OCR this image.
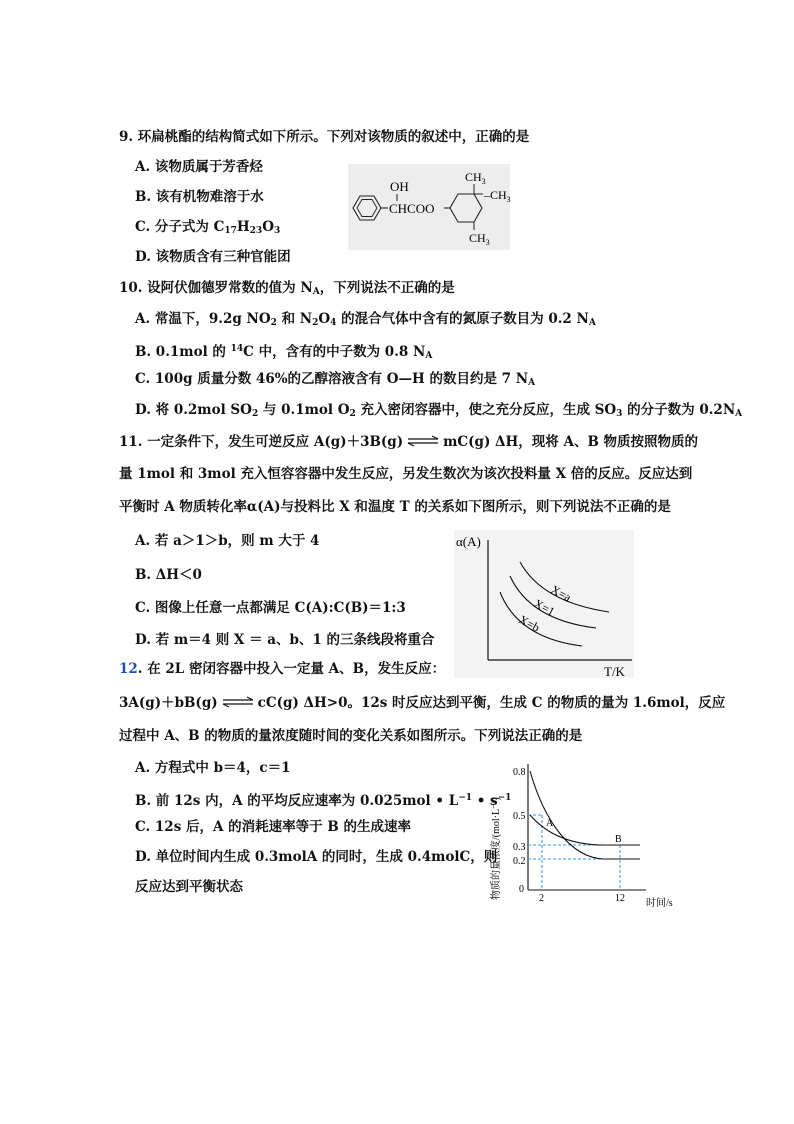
9. 环扁桃酯的结构简式如下所示。下列对该物质的叙述中，正确的是
A. 该物质属于芳香烃
B. 该有机物难溶于水
C. 分子式为 $C_{17}H_{23}O_3$
D. 该物质含有三种官能团
CHCOO
OH
$CH_3$
$-CH_3$
$CH_3$
10. 设阿伏伽德罗常数的值为 $N_A$，下列说法不正确的是
A. 常温下，9.2g $NO_2$ 和 $N_2O_4$ 的混合气体中含有的氮原子数目为 0.2 $N_A$
B. 0.1mol 的 $^{14}$C 中，含有的中子数为 0.8 $N_A$
C. 100g 质量分数 46%的乙醇溶液含有 O—H 的数目约是 7 $N_A$
D. 将 0.2mol $SO_2$ 与 0.1mol $O_2$ 充入密闭容器中，使之充分反应，生成 $SO_3$ 的分子数为 $0.2N_A$
11. 一定条件下，发生可逆反应 A(g)＋3B(g) ⇌ mC(g) ΔH，现将 A、B 物质按照物质的
量 1mol 和 3mol 充入恒容容器中发生反应，另发生数次为该次投料量 X 倍的反应。反应达到
平衡时 A 物质转化率α(A)与投料比 X 和温度 T 的关系如下图所示，则下列说法不正确的是
A. 若 a＞1＞b，则 m 大于 4
B. ΔH＜0
C. 图像上任意一点都满足 C(A):C(B)＝1:3
D. 若 m＝4 则 X ＝ a、b、1 的三条线段将重合
α(A)
T/K
X=a
X=1
X=b
12. 在 2L 密闭容器中投入一定量 A、B，发生反应：
3A(g)＋bB(g) ⇌ cC(g) ΔH>0。12s 时反应达到平衡，生成 C 的物质的量为 1.6mol，反应
过程中 A、B 的物质的量浓度随时间的变化关系如图所示。下列说法正确的是
A. 方程式中 b＝4，c＝1
B. 前 12s 内，A 的平均反应速率为 0.025mol • $L^{-1}$ • $s^{-1}$
C. 12s 后，A 的消耗速率等于 B 的生成速率
D. 单位时间内生成 0.3molA 的同时，生成 0.4molC，则
反应达到平衡状态	物质的量浓度/(mol·L⁻¹)
0.8
0.5
0.3
0.2
0
2	12 时间/s
A
B
